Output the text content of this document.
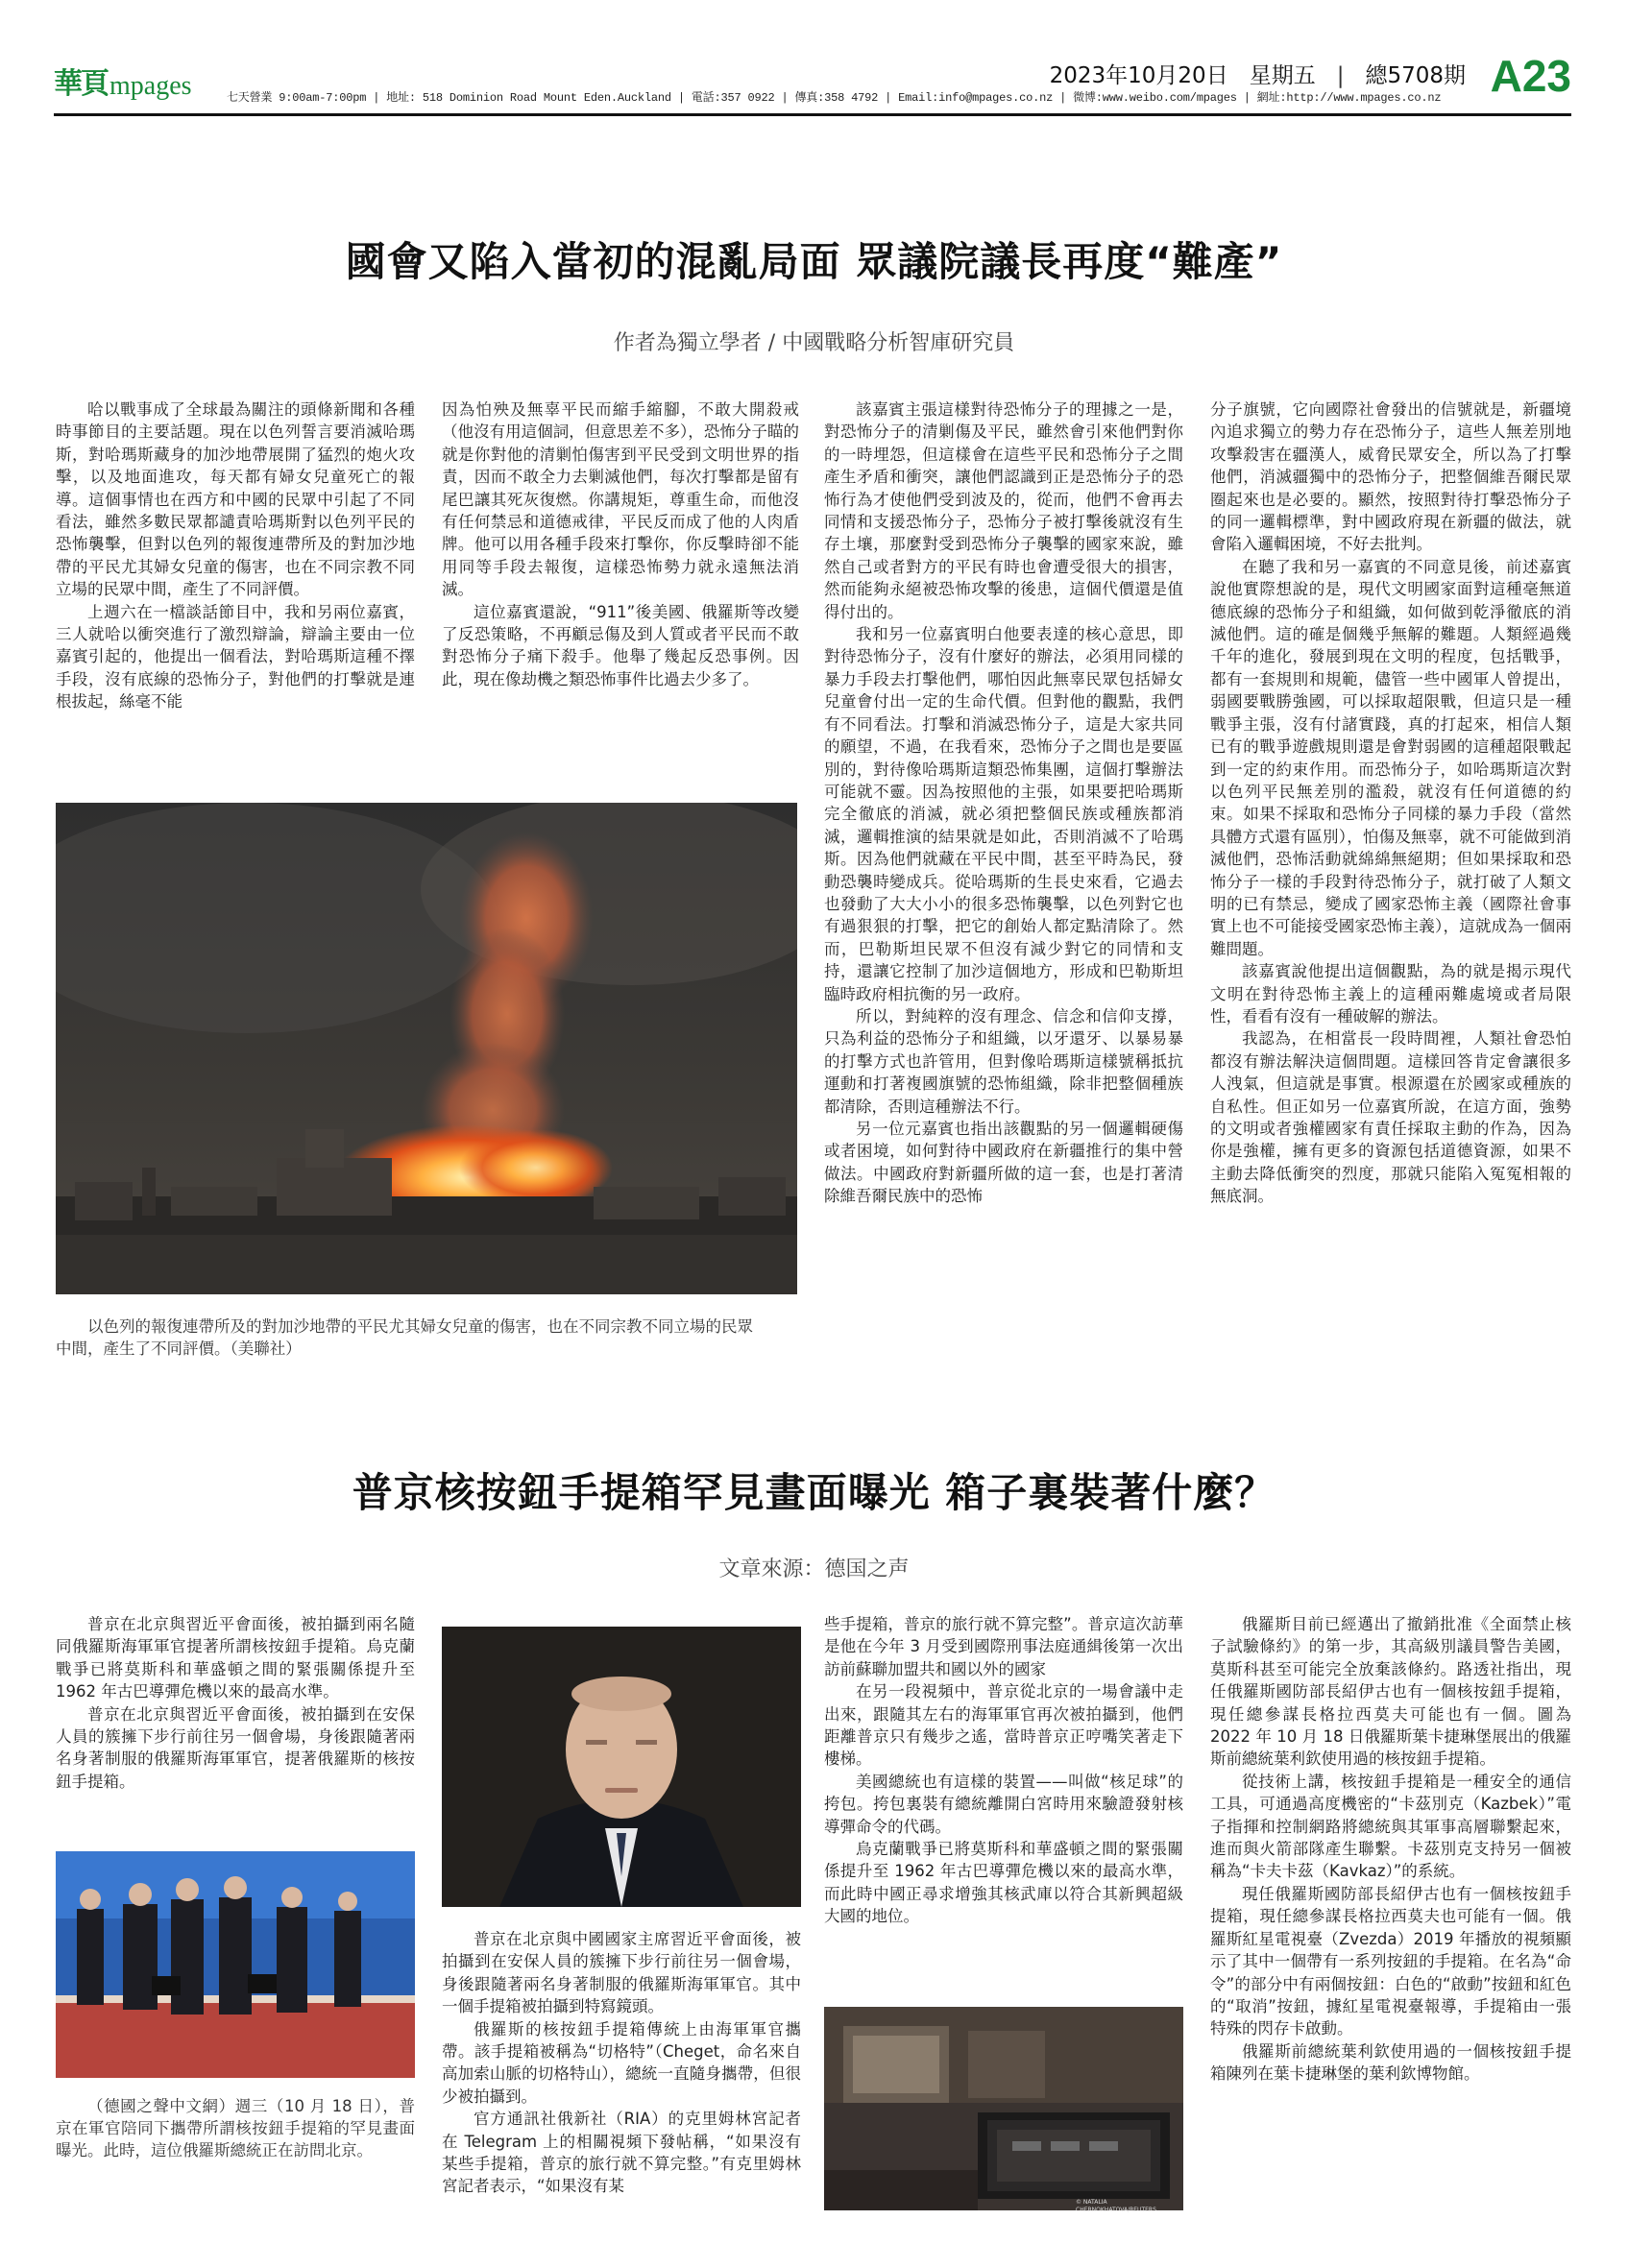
華頁 mpages	七天營業 9:00am-7:00pm | 地址: 518 Dominion Road Mount Eden.Auckland | 電話:357 0922 | 傳真:358 4792 | Email:info@mpages.co.nz | 微博:www.weibo.com/mpages | 網址:http://www.mpages.co.nz
2023年10月20日 星期五 | 總5708期 A23
國會又陷入當初的混亂局面 眾議院議長再度“難產”
作者為獨立學者 / 中國戰略分析智庫研究員

哈以戰事成了全球最為關注的頭條新聞和各種時事節目的主要話題。現在以色列誓言要消滅哈瑪斯，對哈瑪斯藏身的加沙地帶展開了猛烈的炮火攻擊，以及地面進攻，每天都有婦女兒童死亡的報導。這個事情也在西方和中國的民眾中引起了不同看法，雖然多數民眾都譴責哈瑪斯對以色列平民的恐怖襲擊，但對以色列的報復連帶所及的對加沙地帶的平民尤其婦女兒童的傷害，也在不同宗教不同立場的民眾中間，產生了不同評價。

上週六在一檔談話節目中，我和另兩位嘉賓，三人就哈以衝突進行了激烈辯論，辯論主要由一位嘉賓引起的，他提出一個看法，對哈瑪斯這種不擇手段，沒有底線的恐怖分子，對他們的打擊就是連根拔起，絲毫不能

因為怕殃及無辜平民而縮手縮腳，不敢大開殺戒（他沒有用這個詞，但意思差不多），恐怖分子瞄的就是你對他的清剿怕傷害到平民受到文明世界的指責，因而不敢全力去剿滅他們，每次打擊都是留有尾巴讓其死灰復燃。你講規矩，尊重生命，而他沒有任何禁忌和道德戒律，平民反而成了他的人肉盾牌。他可以用各種手段來打擊你，你反擊時卻不能用同等手段去報復，這樣恐怖勢力就永遠無法消滅。

這位嘉賓還說，“911”後美國、俄羅斯等改變了反恐策略，不再顧忌傷及到人質或者平民而不敢對恐怖分子痛下殺手。他舉了幾起反恐事例。因此，現在像劫機之類恐怖事件比過去少多了。

該嘉賓主張這樣對待恐怖分子的理據之一是，對恐怖分子的清剿傷及平民，雖然會引來他們對你的一時埋怨，但這樣會在這些平民和恐怖分子之間產生矛盾和衝突，讓他們認識到正是恐怖分子的恐怖行為才使他們受到波及的，從而，他們不會再去同情和支援恐怖分子，恐怖分子被打擊後就沒有生存土壤，那麼對受到恐怖分子襲擊的國家來說，雖然自己或者對方的平民有時也會遭受很大的損害，然而能夠永絕被恐怖攻擊的後患，這個代價還是值得付出的。

我和另一位嘉賓明白他要表達的核心意思，即對待恐怖分子，沒有什麼好的辦法，必須用同樣的暴力手段去打擊他們，哪怕因此無辜民眾包括婦女兒童會付出一定的生命代價。但對他的觀點，我們有不同看法。打擊和消滅恐怖分子，這是大家共同的願望，不過，在我看來，恐怖分子之間也是要區別的，對待像哈瑪斯這類恐怖集團，這個打擊辦法可能就不靈。因為按照他的主張，如果要把哈瑪斯完全徹底的消滅，就必須把整個民族或種族都消滅，邏輯推演的結果就是如此，否則消滅不了哈瑪斯。因為他們就藏在平民中間，甚至平時為民，發動恐襲時變成兵。從哈瑪斯的生長史來看，它過去也發動了大大小小的很多恐怖襲擊，以色列對它也有過狠狠的打擊，把它的創始人都定點清除了。然而，巴勒斯坦民眾不但沒有減少對它的同情和支持，還讓它控制了加沙這個地方，形成和巴勒斯坦臨時政府相抗衡的另一政府。

所以，對純粹的沒有理念、信念和信仰支撐，只為利益的恐怖分子和組織，以牙還牙、以暴易暴的打擊方式也許管用，但對像哈瑪斯這樣號稱抵抗運動和打著複國旗號的恐怖組織，除非把整個種族都清除，否則這種辦法不行。

另一位元嘉賓也指出該觀點的另一個邏輯硬傷或者困境，如何對待中國政府在新疆推行的集中營做法。中國政府對新疆所做的這一套，也是打著清除維吾爾民族中的恐怖

分子旗號，它向國際社會發出的信號就是，新疆境內追求獨立的勢力存在恐怖分子，這些人無差別地攻擊殺害在疆漢人，威脅民眾安全，所以為了打擊他們，消滅疆獨中的恐怖分子，把整個維吾爾民眾圈起來也是必要的。顯然，按照對待打擊恐怖分子的同一邏輯標準，對中國政府現在新疆的做法，就會陷入邏輯困境，不好去批判。

在聽了我和另一嘉賓的不同意見後，前述嘉賓說他實際想說的是，現代文明國家面對這種毫無道德底線的恐怖分子和組織，如何做到乾淨徹底的消滅他們。這的確是個幾乎無解的難題。人類經過幾千年的進化，發展到現在文明的程度，包括戰爭，都有一套規則和規範，儘管一些中國軍人曾提出，弱國要戰勝強國，可以採取超限戰，但這只是一種戰爭主張，沒有付諸實踐，真的打起來，相信人類已有的戰爭遊戲規則還是會對弱國的這種超限戰起到一定的約束作用。而恐怖分子，如哈瑪斯這次對以色列平民無差別的濫殺，就沒有任何道德的約束。如果不採取和恐怖分子同樣的暴力手段（當然具體方式還有區別），怕傷及無辜，就不可能做到消滅他們，恐怖活動就綿綿無絕期；但如果採取和恐怖分子一樣的手段對待恐怖分子，就打破了人類文明的已有禁忌，變成了國家恐怖主義（國際社會事實上也不可能接受國家恐怖主義），這就成為一個兩難問題。

該嘉賓說他提出這個觀點，為的就是揭示現代文明在對待恐怖主義上的這種兩難處境或者局限性，看看有沒有一種破解的辦法。

我認為，在相當長一段時間裡，人類社會恐怕都沒有辦法解決這個問題。這樣回答肯定會讓很多人洩氣，但這就是事實。根源還在於國家或種族的自私性。但正如另一位嘉賓所說，在這方面，強勢的文明或者強權國家有責任採取主動的作為，因為你是強權，擁有更多的資源包括道德資源，如果不主動去降低衝突的烈度，那就只能陷入冤冤相報的無底洞。

以色列的報復連帶所及的對加沙地帶的平民尤其婦女兒童的傷害，也在不同宗教不同立場的民眾中間，產生了不同評價。（美聯社）

普京核按鈕手提箱罕見畫面曝光 箱子裏裝著什麼？
文章來源：德国之声

普京在北京與習近平會面後，被拍攝到兩名隨同俄羅斯海軍軍官提著所謂核按鈕手提箱。烏克蘭戰爭已將莫斯科和華盛頓之間的緊張關係提升至 1962 年古巴導彈危機以來的最高水準。

普京在北京與習近平會面後，被拍攝到在安保人員的簇擁下步行前往另一個會場，身後跟隨著兩名身著制服的俄羅斯海軍軍官，提著俄羅斯的核按鈕手提箱。

（德國之聲中文網）週三（10 月 18 日），普京在軍官陪同下攜帶所謂核按鈕手提箱的罕見畫面曝光。此時，這位俄羅斯總統正在訪問北京。

普京在北京與中國國家主席習近平會面後，被拍攝到在安保人員的簇擁下步行前往另一個會場，身後跟隨著兩名身著制服的俄羅斯海軍軍官。其中一個手提箱被拍攝到特寫鏡頭。

俄羅斯的核按鈕手提箱傳統上由海軍軍官攜帶。該手提箱被稱為“切格特”（Cheget，命名來自高加索山脈的切格特山），總統一直隨身攜帶，但很少被拍攝到。

官方通訊社俄新社（RIA）的克里姆林宮記者在 Telegram 上的相關視頻下發帖稱，“如果沒有某些手提箱，普京的旅行就不算完整。”有克里姆林宮記者表示，“如果沒有某

些手提箱，普京的旅行就不算完整”。普京這次訪華是他在今年 3 月受到國際刑事法庭通緝後第一次出訪前蘇聯加盟共和國以外的國家

在另一段視頻中，普京從北京的一場會議中走出來，跟隨其左右的海軍軍官再次被拍攝到，他們距離普京只有幾步之遙，當時普京正哼嘴笑著走下樓梯。

美國總統也有這樣的裝置——叫做“核足球”的挎包。挎包裏裝有總統離開白宮時用來驗證發射核導彈命令的代碼。

烏克蘭戰爭已將莫斯科和華盛頓之間的緊張關係提升至 1962 年古巴導彈危機以來的最高水準，而此時中國正尋求增強其核武庫以符合其新興超級大國的地位。

俄羅斯目前已經邁出了撤銷批准《全面禁止核子試驗條約》的第一步，其高級別議員警告美國，莫斯科甚至可能完全放棄該條約。路透社指出，現任俄羅斯國防部長紹伊古也有一個核按鈕手提箱，現任總參謀長格拉西莫夫可能也有一個。圖為 2022 年 10 月 18 日俄羅斯葉卡捷琳堡展出的俄羅斯前總統葉利欽使用過的核按鈕手提箱。

從技術上講，核按鈕手提箱是一種安全的通信工具，可通過高度機密的“卡茲別克（Kazbek）”電子指揮和控制網路將總統與其軍事高層聯繫起來，進而與火箭部隊產生聯繫。卡茲別克支持另一個被稱為“卡夫卡茲（Kavkaz）”的系統。

現任俄羅斯國防部長紹伊古也有一個核按鈕手提箱，現任總參謀長格拉西莫夫也可能有一個。俄羅斯紅星電視臺（Zvezda）2019 年播放的視頻顯示了其中一個帶有一系列按鈕的手提箱。在名為“命令”的部分中有兩個按鈕：白色的“啟動”按鈕和紅色的“取消”按鈕，據紅星電視臺報導，手提箱由一張特殊的閃存卡啟動。

俄羅斯前總統葉利欽使用過的一個核按鈕手提箱陳列在葉卡捷琳堡的葉利欽博物館。

© NATALIA CHERNOKHATOVA/REUTERS
